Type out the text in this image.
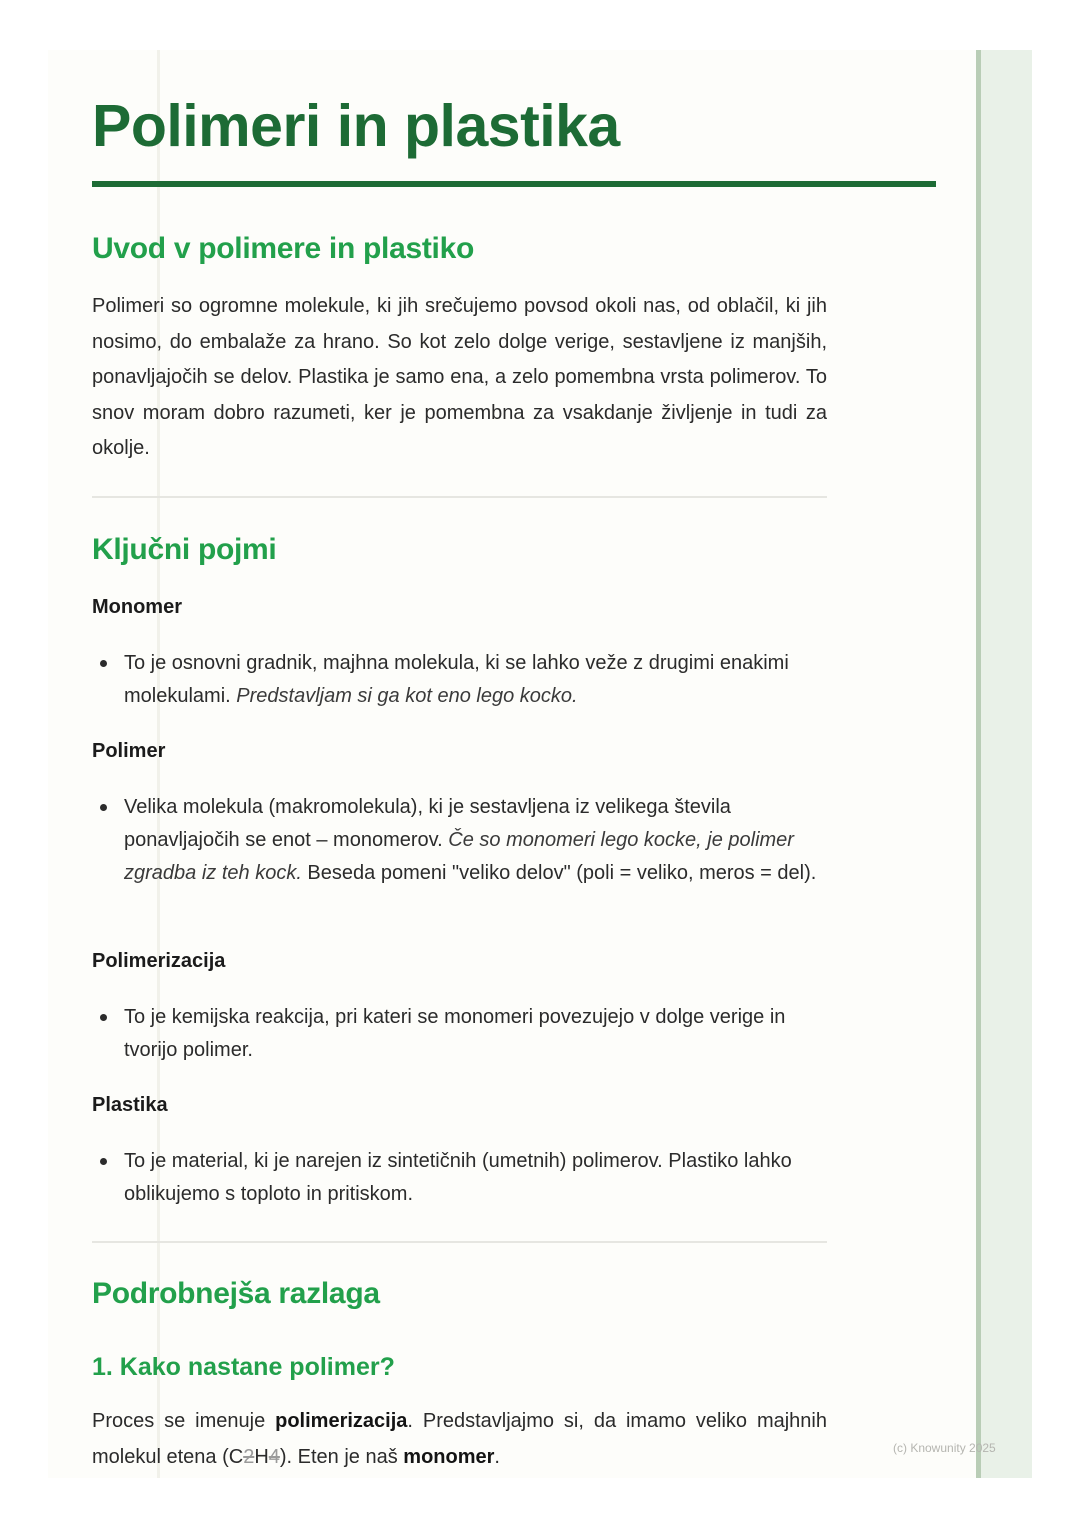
Polimeri in plastika
Uvod v polimere in plastiko

Polimeri so ogromne molekule, ki jih srečujemo povsod okoli nas, od oblačil, ki jih nosimo, do embalaže za hrano. So kot zelo dolge verige, sestavljene iz manjših, ponavljajočih se delov. Plastika je samo ena, a zelo pomembna vrsta polimerov. To snov moram dobro razumeti, ker je pomembna za vsakdanje življenje in tudi za okolje.

Ključni pojmi
Monomer

To je osnovni gradnik, majhna molekula, ki se lahko veže z drugimi enakimi molekulami. Predstavljam si ga kot eno lego kocko.

Polimer

Velika molekula (makromolekula), ki je sestavljena iz velikega števila ponavljajočih se enot – monomerov. Če so monomeri lego kocke, je polimer zgradba iz teh kock. Beseda pomeni "veliko delov" (poli = veliko, meros = del).

Polimerizacija

To je kemijska reakcija, pri kateri se monomeri povezujejo v dolge verige in tvorijo polimer.

Plastika

To je material, ki je narejen iz sintetičnih (umetnih) polimerov. Plastiko lahko oblikujemo s toploto in pritiskom.

Podrobnejša razlaga
1. Kako nastane polimer?

Proces se imenuje polimerizacija. Predstavljajmo si, da imamo veliko majhnih molekul etena (C2H4). Eten je naš monomer.	(c) Knowunity 2025
